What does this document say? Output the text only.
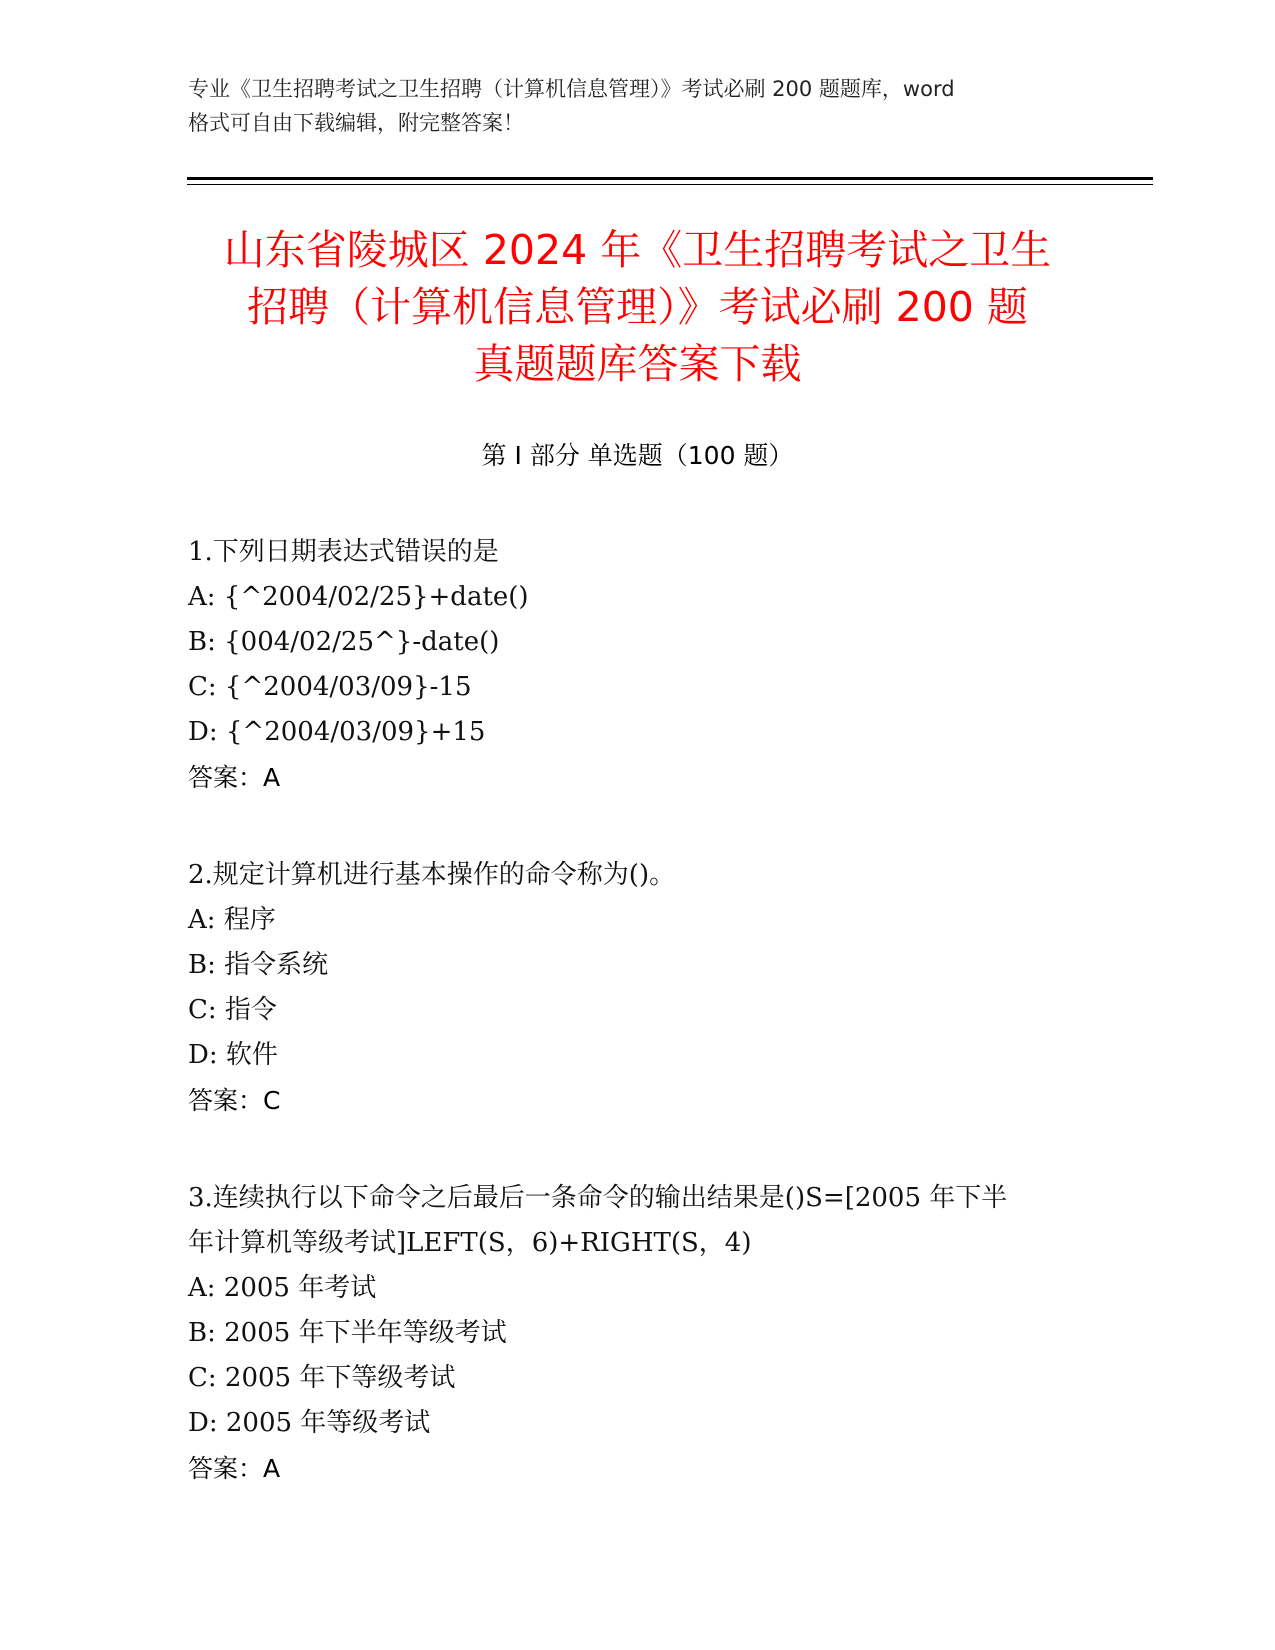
专业《卫生招聘考试之卫生招聘（计算机信息管理）》考试必刷 200 题题库，word
格式可自由下载编辑，附完整答案！
山东省陵城区 2024 年《卫生招聘考试之卫生
招聘（计算机信息管理）》考试必刷 200 题
真题题库答案下载
第 I 部分 单选题（100 题）
1.下列日期表达式错误的是
A: {^2004/02/25}+date()
B: {004/02/25^}-date()
C: {^2004/03/09}-15
D: {^2004/03/09}+15
答案：A
2.规定计算机进行基本操作的命令称为()。
A: 程序
B: 指令系统
C: 指令
D: 软件
答案：C
3.连续执行以下命令之后最后一条命令的输出结果是()S=[2005 年下半
年计算机等级考试]LEFT(S，6)+RIGHT(S，4)
A: 2005 年考试
B: 2005 年下半年等级考试
C: 2005 年下等级考试
D: 2005 年等级考试
答案：A
